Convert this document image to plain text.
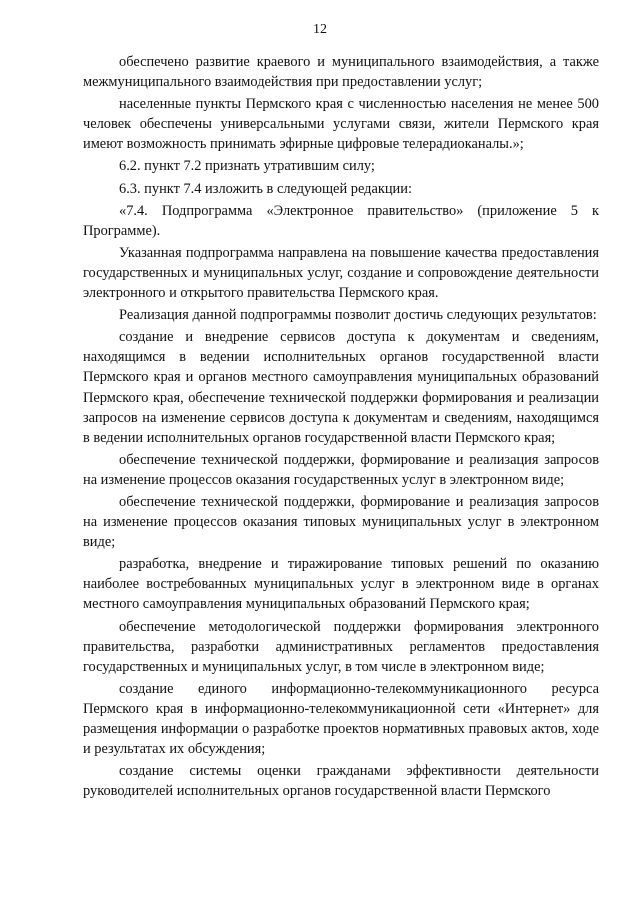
12

обеспечено развитие краевого и муниципального взаимодействия, а также межмуниципального взаимодействия при предоставлении услуг;

населенные пункты Пермского края с численностью населения не менее 500 человек обеспечены универсальными услугами связи, жители Пермского края имеют возможность принимать эфирные цифровые телерадиоканалы.»;

6.2. пункт 7.2 признать утратившим силу;

6.3. пункт 7.4 изложить в следующей редакции:

«7.4. Подпрограмма «Электронное правительство» (приложение 5 к Программе).

Указанная подпрограмма направлена на повышение качества предоставления государственных и муниципальных услуг, создание и сопровождение деятельности электронного и открытого правительства Пермского края.

Реализация данной подпрограммы позволит достичь следующих результатов:

создание и внедрение сервисов доступа к документам и сведениям, находящимся в ведении исполнительных органов государственной власти Пермского края и органов местного самоуправления муниципальных образований Пермского края, обеспечение технической поддержки формирования и реализации запросов на изменение сервисов доступа к документам и сведениям, находящимся в ведении исполнительных органов государственной власти Пермского края;

обеспечение технической поддержки, формирование и реализация запросов на изменение процессов оказания государственных услуг в электронном виде;

обеспечение технической поддержки, формирование и реализация запросов на изменение процессов оказания типовых муниципальных услуг в электронном виде;

разработка, внедрение и тиражирование типовых решений по оказанию наиболее востребованных муниципальных услуг в электронном виде в органах местного самоуправления муниципальных образований Пермского края;

обеспечение методологической поддержки формирования электронного правительства, разработки административных регламентов предоставления государственных и муниципальных услуг, в том числе в электронном виде;

создание единого информационно-телекоммуникационного ресурса Пермского края в информационно-телекоммуникационной сети «Интернет» для размещения информации о разработке проектов нормативных правовых актов, ходе и результатах их обсуждения;

создание системы оценки гражданами эффективности деятельности руководителей исполнительных органов государственной власти Пермского
